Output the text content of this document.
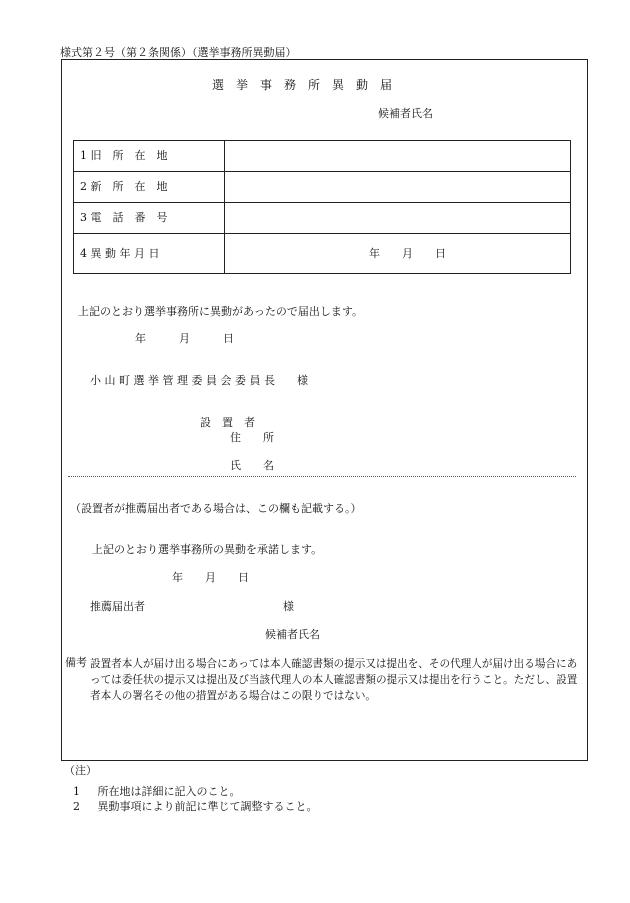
様式第２号（第２条関係）（選挙事務所異動届）
選　挙　事　務　所　異　動　届
候補者氏名
1 旧　所　在　地	
2 新　所　在　地	
3 電　話　番　号	
4 異 動 年 月 日	年　　月　　日
上記のとおり選挙事務所に異動があったので届出します。
年　　　月　　　日
小 山 町 選 挙 管 理 委 員 会 委 員 長　　様
設　置　者
住　　所
氏　　名
（設置者が推薦届出者である場合は、この欄も記載する。）
上記のとおり選挙事務所の異動を承諾します。
年　　月　　日
推薦届出者	様
候補者氏名
備考 設置者本人が届け出る場合にあっては本人確認書類の提示又は提出を、その代理人が届け出る場合にあっては委任状の提示又は提出及び当該代理人の本人確認書類の提示又は提出を行うこと。ただし、設置者本人の署名その他の措置がある場合はこの限りではない。
（注）
1 所在地は詳細に記入のこと。
2 異動事項により前記に準じて調整すること。
